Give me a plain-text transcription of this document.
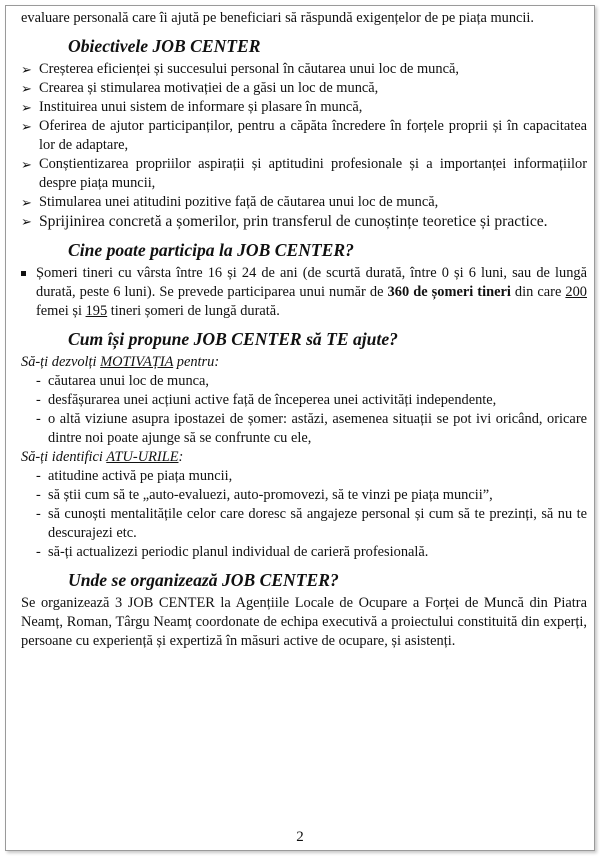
evaluare personală care îi ajută pe beneficiari să răspundă exigențelor de pe piața muncii.

Obiectivele JOB CENTER
➢ Creșterea eficienței și succesului personal în căutarea unui loc de muncă,
➢ Crearea și stimularea motivației de a găsi un loc de muncă,
➢ Instituirea unui sistem de informare și plasare în muncă,
➢ Oferirea de ajutor participanților, pentru a căpăta încredere în forțele proprii și în capacitatea lor de adaptare,
➢ Conștientizarea propriilor aspirații și aptitudini profesionale și a importanței informațiilor despre piața muncii,
➢ Stimularea unei atitudini pozitive față de căutarea unui loc de muncă,
➢ Sprijinirea concretă a șomerilor, prin transferul de cunoștințe teoretice și practice.
Cine poate participa la JOB CENTER?
Șomeri tineri cu vârsta între 16 și 24 de ani (de scurtă durată, între 0 și 6 luni, sau de lungă durată, peste 6 luni). Se prevede participarea unui număr de 360 de șomeri tineri din care 200 femei și 195 tineri șomeri de lungă durată.
Cum își propune JOB CENTER să TE ajute?

Să-ți dezvolți MOTIVAȚIA pentru:

- căutarea unui loc de munca,
- desfășurarea unei acțiuni active față de începerea unei activități independente,
- o altă viziune asupra ipostazei de șomer: astăzi, asemenea situații se pot ivi oricând, oricare dintre noi poate ajunge să se confrunte cu ele,

Să-ți identifici ATU-URILE:

- atitudine activă pe piața muncii,
- să știi cum să te „auto-evaluezi, auto-promovezi, să te vinzi pe piața muncii”,
- să cunoști mentalitățile celor care doresc să angajeze personal și cum să te prezinți, să nu te descurajezi etc.
- să-ți actualizezi periodic planul individual de carieră profesională.
Unde se organizează JOB CENTER?

Se organizează 3 JOB CENTER la Agențiile Locale de Ocupare a Forței de Muncă din Piatra Neamț, Roman, Târgu Neamț coordonate de echipa executivă a proiectului constituită din experți, persoane cu experiență și expertiză în măsuri active de ocupare, și asistenți.

2
